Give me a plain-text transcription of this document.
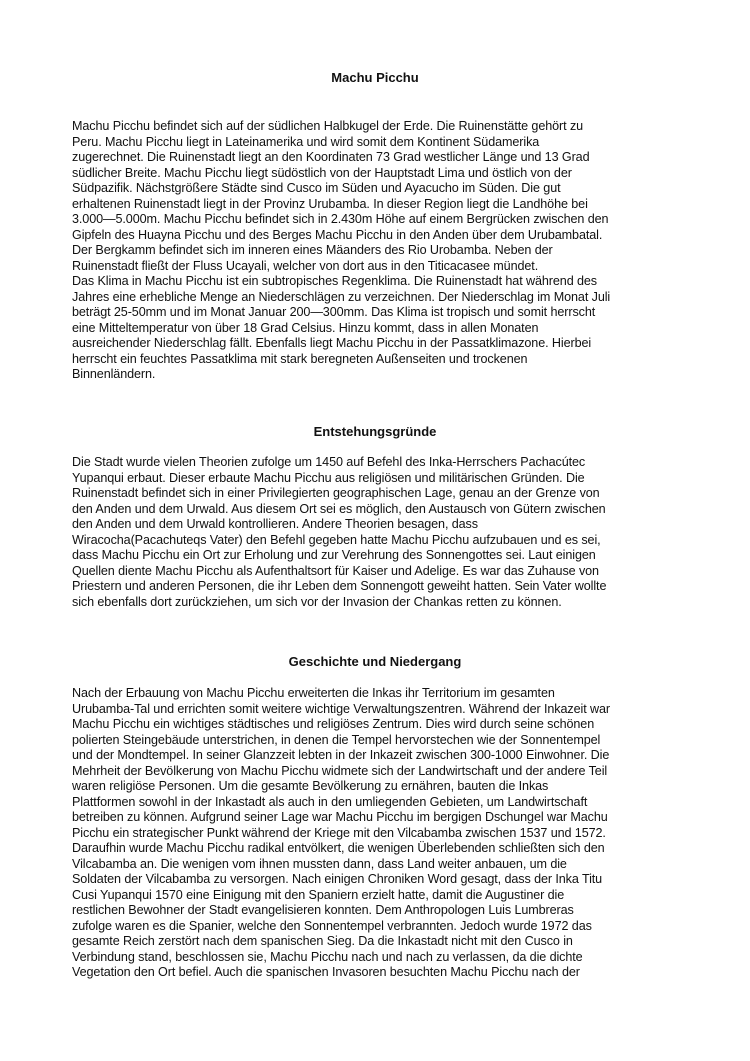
Machu Picchu
Machu Picchu befindet sich auf der südlichen Halbkugel der Erde. Die Ruinenstätte gehört zu
Peru. Machu Picchu liegt in Lateinamerika und wird somit dem Kontinent Südamerika
zugerechnet. Die Ruinenstadt liegt an den Koordinaten 73 Grad westlicher Länge und 13 Grad
südlicher Breite. Machu Picchu liegt südöstlich von der Hauptstadt Lima und östlich von der
Südpazifik. Nächstgrößere Städte sind Cusco im Süden und Ayacucho im Süden. Die gut
erhaltenen Ruinenstadt liegt in der Provinz Urubamba. In dieser Region liegt die Landhöhe bei
3.000—5.000m. Machu Picchu befindet sich in 2.430m Höhe auf einem Bergrücken zwischen den
Gipfeln des Huayna Picchu und des Berges Machu Picchu in den Anden über dem Urubambatal.
Der Bergkamm befindet sich im inneren eines Mäanders des Rio Urobamba. Neben der
Ruinenstadt fließt der Fluss Ucayali, welcher von dort aus in den Titicacasee mündet.
Das Klima in Machu Picchu ist ein subtropisches Regenklima. Die Ruinenstadt hat während des
Jahres eine erhebliche Menge an Niederschlägen zu verzeichnen. Der Niederschlag im Monat Juli
beträgt 25-50mm und im Monat Januar 200—300mm. Das Klima ist tropisch und somit herrscht
eine Mitteltemperatur von über 18 Grad Celsius. Hinzu kommt, dass in allen Monaten
ausreichender Niederschlag fällt. Ebenfalls liegt Machu Picchu in der Passatklimazone. Hierbei
herrscht ein feuchtes Passatklima mit stark beregneten Außenseiten und trockenen
Binnenländern.
Entstehungsgründe
Die Stadt wurde vielen Theorien zufolge um 1450 auf Befehl des Inka-Herrschers Pachacútec
Yupanqui erbaut. Dieser erbaute Machu Picchu aus religiösen und militärischen Gründen. Die
Ruinenstadt befindet sich in einer Privilegierten geographischen Lage, genau an der Grenze von
den Anden und dem Urwald. Aus diesem Ort sei es möglich, den Austausch von Gütern zwischen
den Anden und dem Urwald kontrollieren. Andere Theorien besagen, dass
Wiracocha(Pacachuteqs Vater) den Befehl gegeben hatte Machu Picchu aufzubauen und es sei,
dass Machu Picchu ein Ort zur Erholung und zur Verehrung des Sonnengottes sei. Laut einigen
Quellen diente Machu Picchu als Aufenthaltsort für Kaiser und Adelige. Es war das Zuhause von
Priestern und anderen Personen, die ihr Leben dem Sonnengott geweiht hatten. Sein Vater wollte
sich ebenfalls dort zurückziehen, um sich vor der Invasion der Chankas retten zu können.
Geschichte und Niedergang
Nach der Erbauung von Machu Picchu erweiterten die Inkas ihr Territorium im gesamten
Urubamba-Tal und errichten somit weitere wichtige Verwaltungszentren. Während der Inkazeit war
Machu Picchu ein wichtiges städtisches und religiöses Zentrum. Dies wird durch seine schönen
polierten Steingebäude unterstrichen, in denen die Tempel hervorstechen wie der Sonnentempel
und der Mondtempel. In seiner Glanzzeit lebten in der Inkazeit zwischen 300-1000 Einwohner. Die
Mehrheit der Bevölkerung von Machu Picchu widmete sich der Landwirtschaft und der andere Teil
waren religiöse Personen. Um die gesamte Bevölkerung zu ernähren, bauten die Inkas
Plattformen sowohl in der Inkastadt als auch in den umliegenden Gebieten, um Landwirtschaft
betreiben zu können. Aufgrund seiner Lage war Machu Picchu im bergigen Dschungel war Machu
Picchu ein strategischer Punkt während der Kriege mit den Vilcabamba zwischen 1537 und 1572.
Daraufhin wurde Machu Picchu radikal entvölkert, die wenigen Überlebenden schließten sich den
Vilcabamba an. Die wenigen vom ihnen mussten dann, dass Land weiter anbauen, um die
Soldaten der Vilcabamba zu versorgen. Nach einigen Chroniken Word gesagt, dass der Inka Titu
Cusi Yupanqui 1570 eine Einigung mit den Spaniern erzielt hatte, damit die Augustiner die
restlichen Bewohner der Stadt evangelisieren konnten. Dem Anthropologen Luis Lumbreras
zufolge waren es die Spanier, welche den Sonnentempel verbrannten. Jedoch wurde 1972 das
gesamte Reich zerstört nach dem spanischen Sieg. Da die Inkastadt nicht mit den Cusco in
Verbindung stand, beschlossen sie, Machu Picchu nach und nach zu verlassen, da die dichte
Vegetation den Ort befiel. Auch die spanischen Invasoren besuchten Machu Picchu nach der
